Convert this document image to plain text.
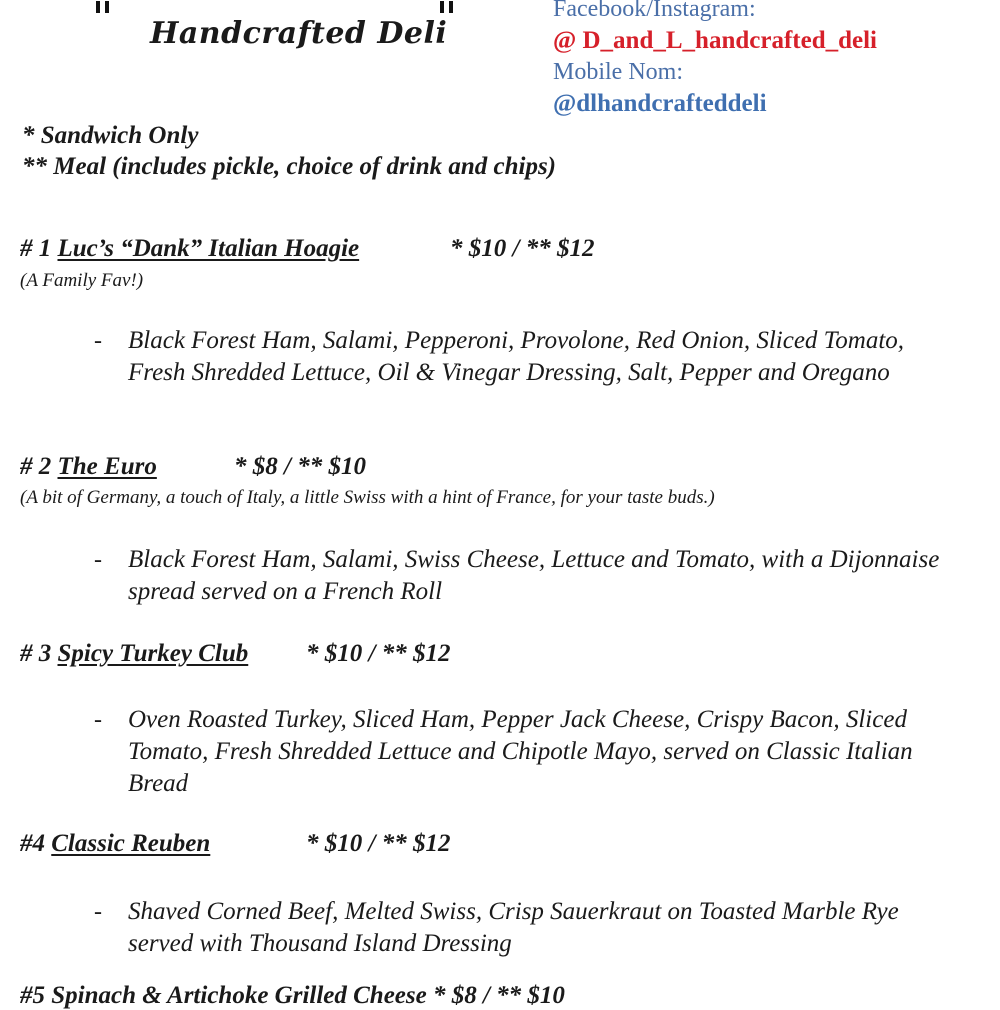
Handcrafted Deli
Facebook/Instagram:
@ D_and_L_handcrafted_deli
Mobile Nom:
@dlhandcrafteddeli
* Sandwich Only
** Meal (includes pickle, choice of drink and chips)
# 1 Luc’s “Dank” Italian Hoagie	* $10 / ** $12
(A Family Fav!)
- Black Forest Ham, Salami, Pepperoni, Provolone, Red Onion, Sliced Tomato, Fresh Shredded Lettuce, Oil & Vinegar Dressing, Salt, Pepper and Oregano
# 2 The Euro	* $8 / ** $10
(A bit of Germany, a touch of Italy, a little Swiss with a hint of France, for your taste buds.)
- Black Forest Ham, Salami, Swiss Cheese, Lettuce and Tomato, with a Dijonnaise spread served on a French Roll
# 3 Spicy Turkey Club * $10 / ** $12
- Oven Roasted Turkey, Sliced Ham, Pepper Jack Cheese, Crispy Bacon, Sliced Tomato, Fresh Shredded Lettuce and Chipotle Mayo, served on Classic Italian Bread
#4 Classic Reuben	* $10 / ** $12
- Shaved Corned Beef, Melted Swiss, Crisp Sauerkraut on Toasted Marble Rye served with Thousand Island Dressing
#5 Spinach & Artichoke Grilled Cheese * $8 / ** $10
